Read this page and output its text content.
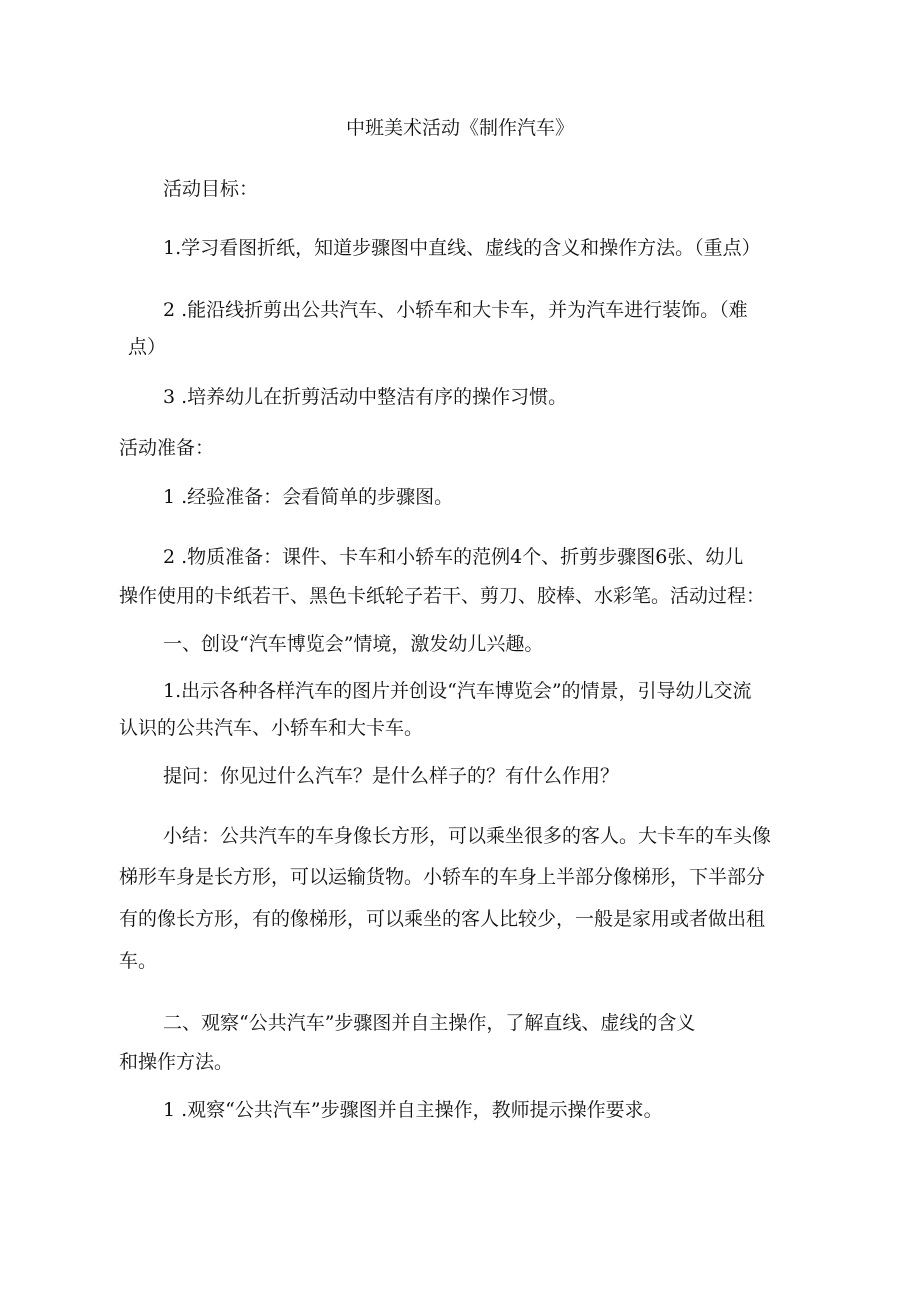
中班美术活动《制作汽车》
活动目标：
1.学习看图折纸，知道步骤图中直线、虚线的含义和操作方法。（重点）
2 .能沿线折剪出公共汽车、小轿车和大卡车，并为汽车进行装饰。（难
点）
3 .培养幼儿在折剪活动中整洁有序的操作习惯。
活动准备：
1 .经验准备：会看简单的步骤图。
2 .物质准备：课件、卡车和小轿车的范例4个、折剪步骤图6张、幼儿
操作使用的卡纸若干、黑色卡纸轮子若干、剪刀、胶棒、水彩笔。活动过程：
一、创设“汽车博览会”情境，激发幼儿兴趣。
1.出示各种各样汽车的图片并创设“汽车博览会”的情景，引导幼儿交流
认识的公共汽车、小轿车和大卡车。
提问：你见过什么汽车？是什么样子的？有什么作用？
小结：公共汽车的车身像长方形，可以乘坐很多的客人。大卡车的车头像
梯形车身是长方形，可以运输货物。小轿车的车身上半部分像梯形，下半部分
有的像长方形，有的像梯形，可以乘坐的客人比较少，一般是家用或者做出租
车。
二、观察“公共汽车”步骤图并自主操作，了解直线、虚线的含义
和操作方法。
1 .观察“公共汽车”步骤图并自主操作，教师提示操作要求。
